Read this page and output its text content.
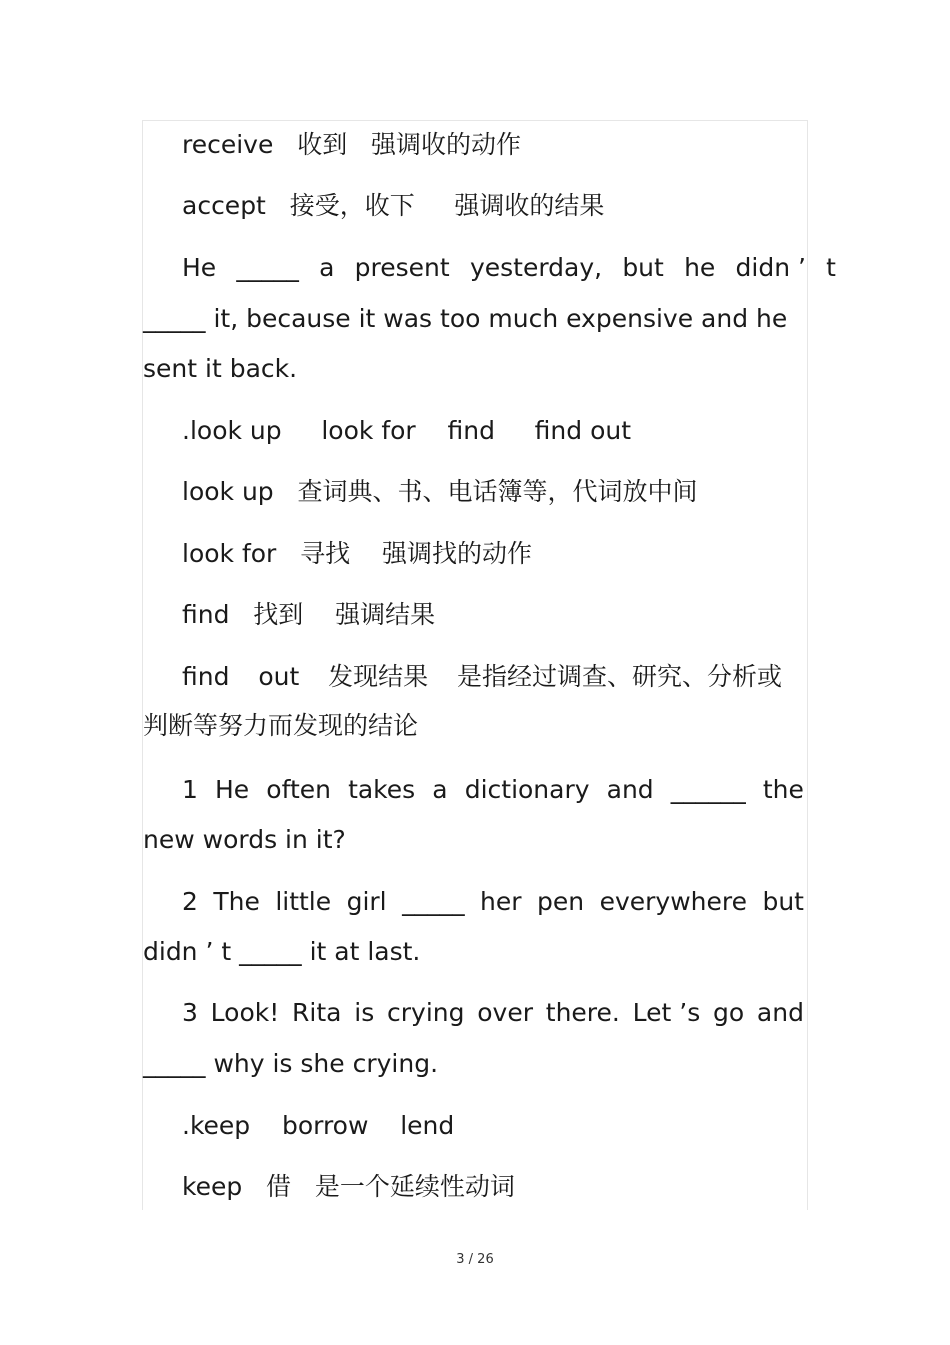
receive   收到   强调收的动作
accept   接受，收下     强调收的结果
He _____ a present yesterday, but he didn ’ t
_____ it, because it was too much expensive and he
sent it back.
.look up     look for    find     find out
look up   查词典、书、电话簿等，代词放中间
look for   寻找    强调找的动作
find   找到    强调结果
find out 发现结果 是指经过调查、研究、分析或
判断等努力而发现的结论
1 He often takes a dictionary and ______ the
new words in it?
2 The little girl _____ her pen everywhere but
didn ’ t _____ it at last.
3 Look! Rita is crying over there. Let ’s go and
_____ why is she crying.
.keep    borrow    lend
keep   借   是一个延续性动词
3 / 26
